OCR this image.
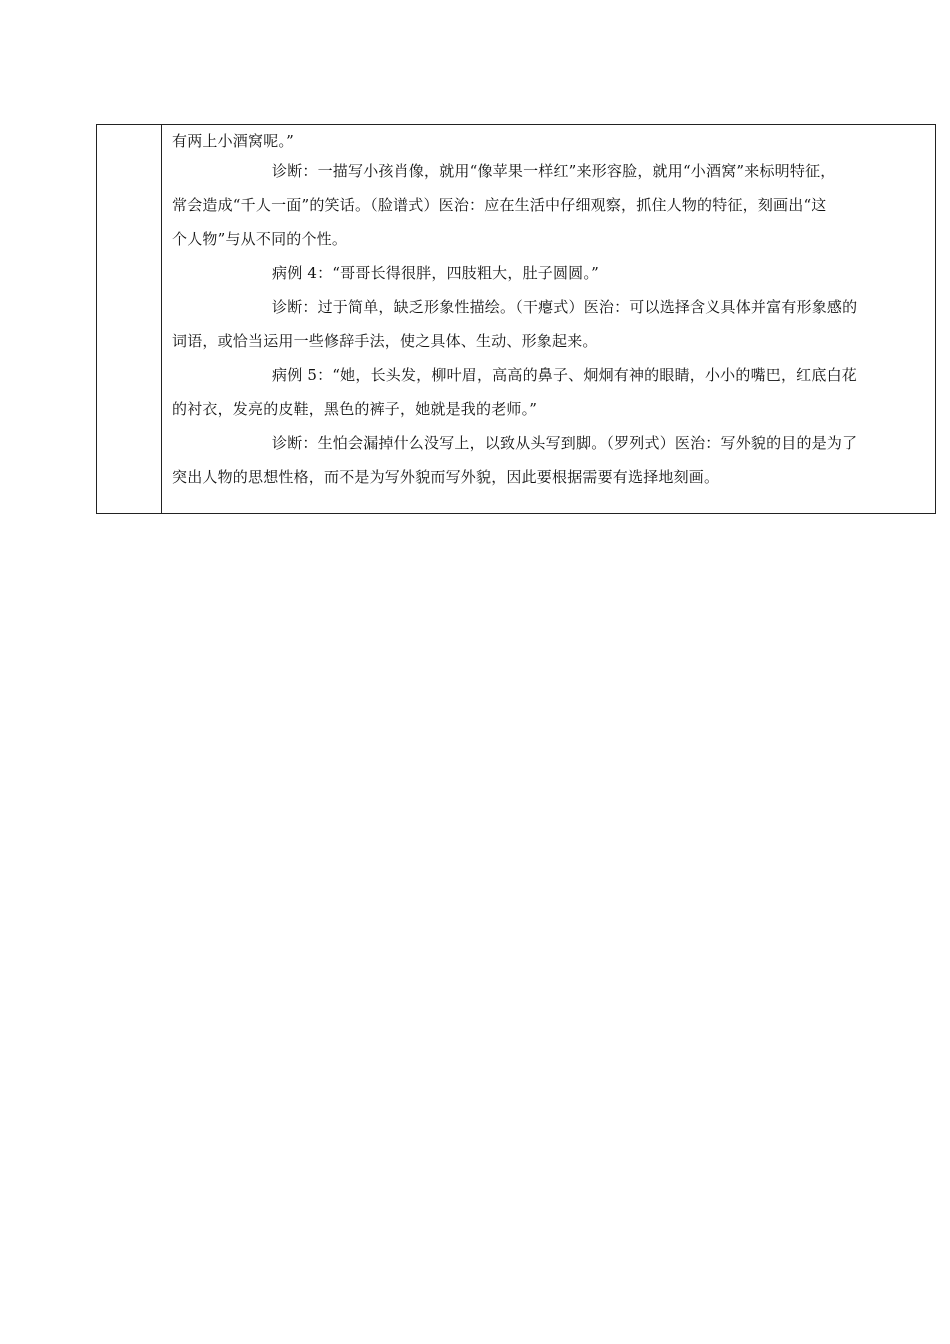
有两上小酒窝呢。”
诊断：一描写小孩肖像，就用“像苹果一样红”来形容脸，就用“小酒窝”来标明特征，
常会造成“千人一面”的笑话。（脸谱式）医治：应在生活中仔细观察，抓住人物的特征，刻画出“这
个人物”与从不同的个性。
病例 4：“哥哥长得很胖，四肢粗大，肚子圆圆。”
诊断：过于简单，缺乏形象性描绘。（干瘪式）医治：可以选择含义具体并富有形象感的
词语，或恰当运用一些修辞手法，使之具体、生动、形象起来。
病例 5：“她，长头发，柳叶眉，高高的鼻子、炯炯有神的眼睛，小小的嘴巴，红底白花
的衬衣，发亮的皮鞋，黑色的裤子，她就是我的老师。”
诊断：生怕会漏掉什么没写上，以致从头写到脚。（罗列式）医治：写外貌的目的是为了
突出人物的思想性格，而不是为写外貌而写外貌，因此要根据需要有选择地刻画。
